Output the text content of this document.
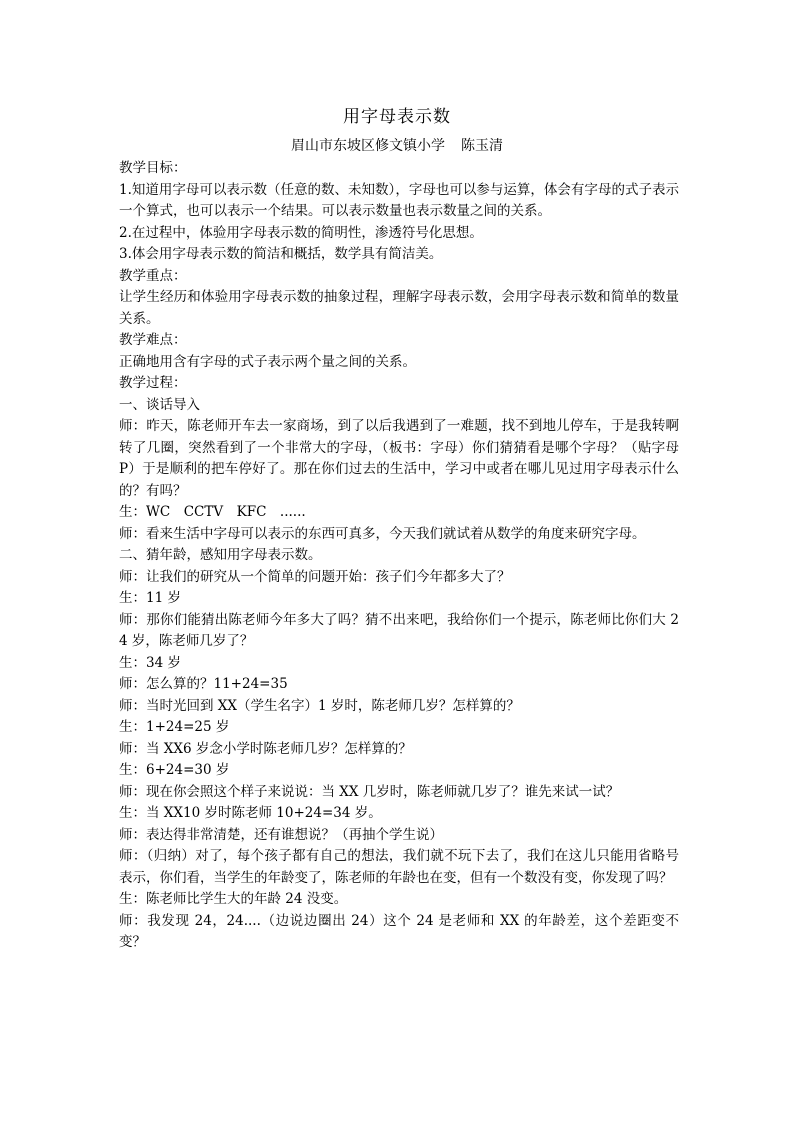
用字母表示数
眉山市东坡区修文镇小学 陈玉清

教学目标：

1.知道用字母可以表示数（任意的数、未知数），字母也可以参与运算，体会有字母的式子表示一个算式，也可以表示一个结果。可以表示数量也表示数量之间的关系。

2.在过程中，体验用字母表示数的简明性，渗透符号化思想。

3.体会用字母表示数的简洁和概括，数学具有简洁美。

教学重点：

让学生经历和体验用字母表示数的抽象过程，理解字母表示数，会用字母表示数和简单的数量关系。

教学难点：

正确地用含有字母的式子表示两个量之间的关系。

教学过程：

一、谈话导入

师：昨天，陈老师开车去一家商场，到了以后我遇到了一难题，找不到地儿停车，于是我转啊转了几圈，突然看到了一个非常大的字母，（板书：字母）你们猜猜看是哪个字母？（贴字母 P）于是顺利的把车停好了。那在你们过去的生活中，学习中或者在哪儿见过用字母表示什么的？有吗？

生：WC　CCTV　KFC　......

师：看来生活中字母可以表示的东西可真多，今天我们就试着从数学的角度来研究字母。

二、猜年龄，感知用字母表示数。

师：让我们的研究从一个简单的问题开始：孩子们今年都多大了？

生：11 岁

师：那你们能猜出陈老师今年多大了吗？猜不出来吧，我给你们一个提示，陈老师比你们大 24 岁，陈老师几岁了？

生：34 岁

师：怎么算的？11+24=35

师：当时光回到 XX（学生名字）1 岁时，陈老师几岁？怎样算的？

生：1+24=25 岁

师：当 XX6 岁念小学时陈老师几岁？怎样算的？

生：6+24=30 岁

师：现在你会照这个样子来说说：当 XX 几岁时，陈老师就几岁了？谁先来试一试？

生：当 XX10 岁时陈老师 10+24=34 岁。

师：表达得非常清楚，还有谁想说？（再抽个学生说）

师：（归纳）对了，每个孩子都有自己的想法，我们就不玩下去了，我们在这儿只能用省略号表示，你们看，当学生的年龄变了，陈老师的年龄也在变，但有一个数没有变，你发现了吗？

生：陈老师比学生大的年龄 24 没变。

师：我发现 24，24....（边说边圈出 24）这个 24 是老师和 XX 的年龄差，这个差距变不变？
